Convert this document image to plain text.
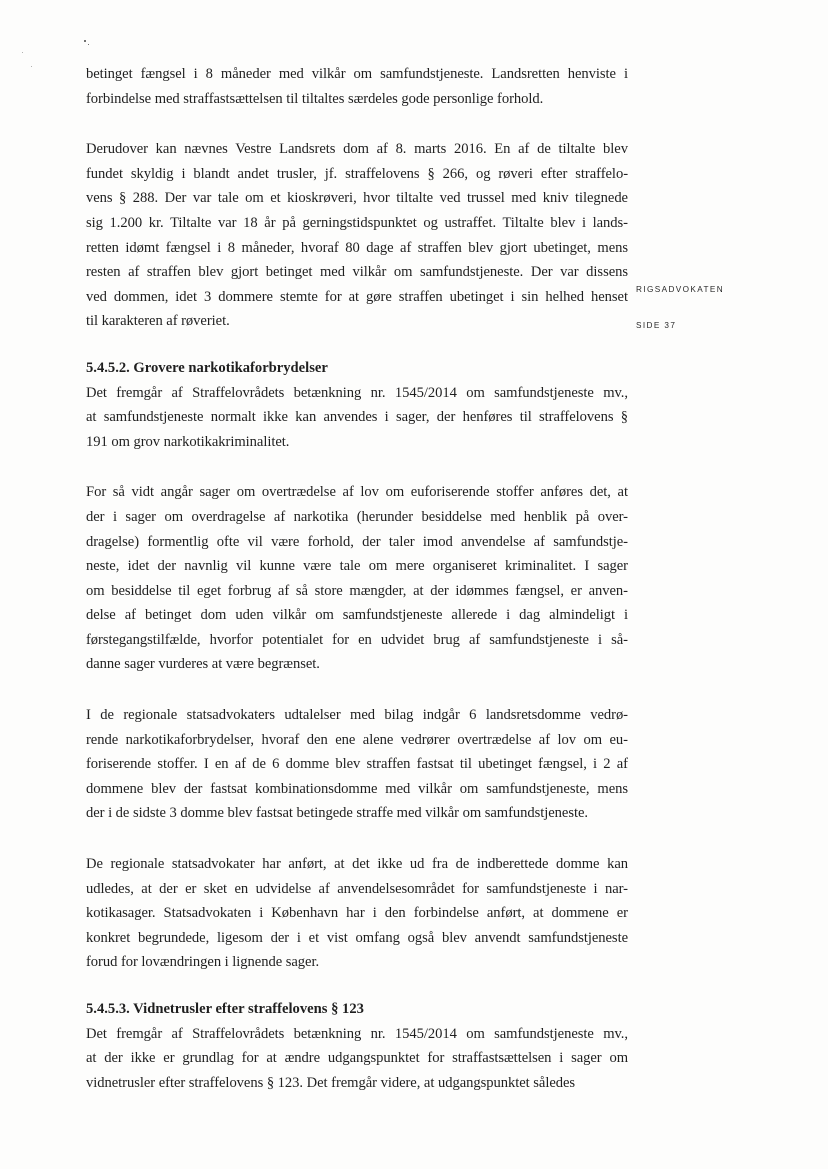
RIGSADVOKATEN
SIDE 37

betinget fængsel i 8 måneder med vilkår om samfundstjeneste. Landsretten henviste i
forbindelse med straffastsættelsen til tiltaltes særdeles gode personlige forhold.

Derudover kan nævnes Vestre Landsrets dom af 8. marts 2016. En af de tiltalte blev
fundet skyldig i blandt andet trusler, jf. straffelovens § 266, og røveri efter straffelo-
vens § 288. Der var tale om et kioskrøveri, hvor tiltalte ved trussel med kniv tilegnede
sig 1.200 kr. Tiltalte var 18 år på gerningstidspunktet og ustraffet. Tiltalte blev i lands-
retten idømt fængsel i 8 måneder, hvoraf 80 dage af straffen blev gjort ubetinget, mens
resten af straffen blev gjort betinget med vilkår om samfundstjeneste. Der var dissens
ved dommen, idet 3 dommere stemte for at gøre straffen ubetinget i sin helhed henset
til karakteren af røveriet.

5.4.5.2. Grovere narkotikaforbrydelser

Det fremgår af Straffelovrådets betænkning nr. 1545/2014 om samfundstjeneste mv.,
at samfundstjeneste normalt ikke kan anvendes i sager, der henføres til straffelovens §
191 om grov narkotikakriminalitet.

For så vidt angår sager om overtrædelse af lov om euforiserende stoffer anføres det, at
der i sager om overdragelse af narkotika (herunder besiddelse med henblik på over-
dragelse) formentlig ofte vil være forhold, der taler imod anvendelse af samfundstje-
neste, idet der navnlig vil kunne være tale om mere organiseret kriminalitet. I sager
om besiddelse til eget forbrug af så store mængder, at der idømmes fængsel, er anven-
delse af betinget dom uden vilkår om samfundstjeneste allerede i dag almindeligt i
førstegangstilfælde, hvorfor potentialet for en udvidet brug af samfundstjeneste i så-
danne sager vurderes at være begrænset.

I de regionale statsadvokaters udtalelser med bilag indgår 6 landsretsdomme vedrø-
rende narkotikaforbrydelser, hvoraf den ene alene vedrører overtrædelse af lov om eu-
foriserende stoffer. I en af de 6 domme blev straffen fastsat til ubetinget fængsel, i 2 af
dommene blev der fastsat kombinationsdomme med vilkår om samfundstjeneste, mens
der i de sidste 3 domme blev fastsat betingede straffe med vilkår om samfundstjeneste.

De regionale statsadvokater har anført, at det ikke ud fra de indberettede domme kan
udledes, at der er sket en udvidelse af anvendelsesområdet for samfundstjeneste i nar-
kotikasager. Statsadvokaten i København har i den forbindelse anført, at dommene er
konkret begrundede, ligesom der i et vist omfang også blev anvendt samfundstjeneste
forud for lovændringen i lignende sager.

5.4.5.3. Vidnetrusler efter straffelovens § 123

Det fremgår af Straffelovrådets betænkning nr. 1545/2014 om samfundstjeneste mv.,
at der ikke er grundlag for at ændre udgangspunktet for straffastsættelsen i sager om
vidnetrusler efter straffelovens § 123. Det fremgår videre, at udgangspunktet således
